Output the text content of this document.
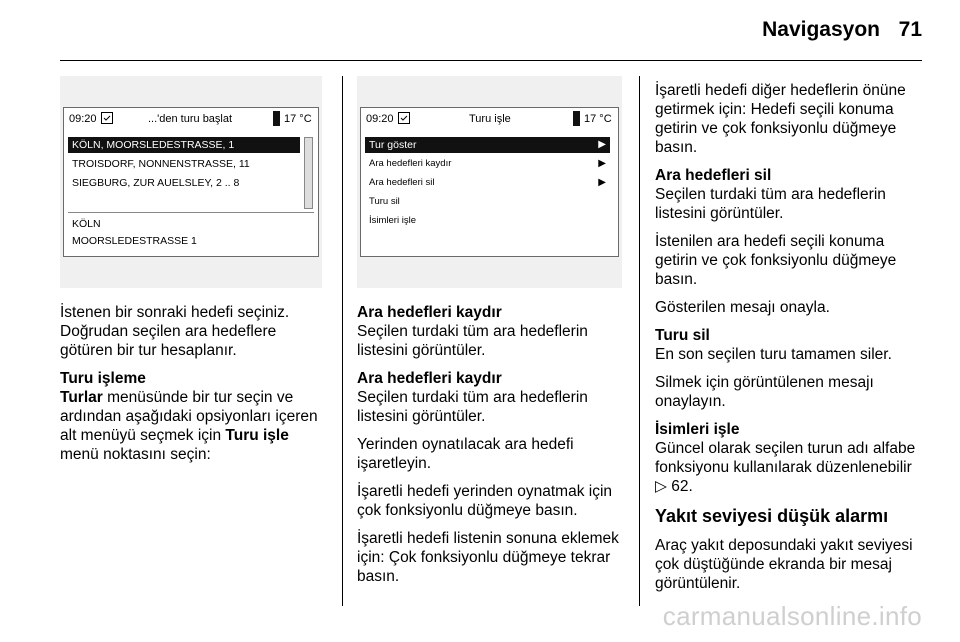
Navigasyon 71
09:20	...'den turu başlat	17 °C
KÖLN, MOORSLEDESTRASSE, 1
TROISDORF, NONNENSTRASSE, 11
SIEGBURG, ZUR AUELSLEY, 2 .. 8
KÖLN
MOORSLEDESTRASSE 1
09:20	Turu işle	17 °C
Tur göster	▶
Ara hedefleri kaydır	▶
Ara hedefleri sil	▶
Turu sil
İsimleri işle

İstenen bir sonraki hedefi seçiniz. Doğrudan seçilen ara hedeflere götüren bir tur hesaplanır.

Turu işleme

Turlar menüsünde bir tur seçin ve ardından aşağıdaki opsiyonları içeren alt menüyü seçmek için Turu işle menü noktasını seçin:

Ara hedefleri kaydır

Seçilen turdaki tüm ara hedeflerin listesini görüntüler.

Ara hedefleri kaydır

Seçilen turdaki tüm ara hedeflerin listesini görüntüler.

Yerinden oynatılacak ara hedefi işaretleyin.

İşaretli hedefi yerinden oynatmak için çok fonksiyonlu düğmeye basın.

İşaretli hedefi listenin sonuna eklemek için: Çok fonksiyonlu düğmeye tekrar basın.

İşaretli hedefi diğer hedeflerin önüne getirmek için: Hedefi seçili konuma getirin ve çok fonksiyonlu düğmeye basın.

Ara hedefleri sil

Seçilen turdaki tüm ara hedeflerin listesini görüntüler.

İstenilen ara hedefi seçili konuma getirin ve çok fonksiyonlu düğmeye basın.

Gösterilen mesajı onayla.

Turu sil

En son seçilen turu tamamen siler.

Silmek için görüntülenen mesajı onaylayın.

İsimleri işle

Güncel olarak seçilen turun adı alfabe fonksiyonu kullanılarak düzenlenebilir ▷ 62.

Yakıt seviyesi düşük alarmı

Araç yakıt deposundaki yakıt seviyesi çok düştüğünde ekranda bir mesaj görüntülenir.

carmanualsonline.info
